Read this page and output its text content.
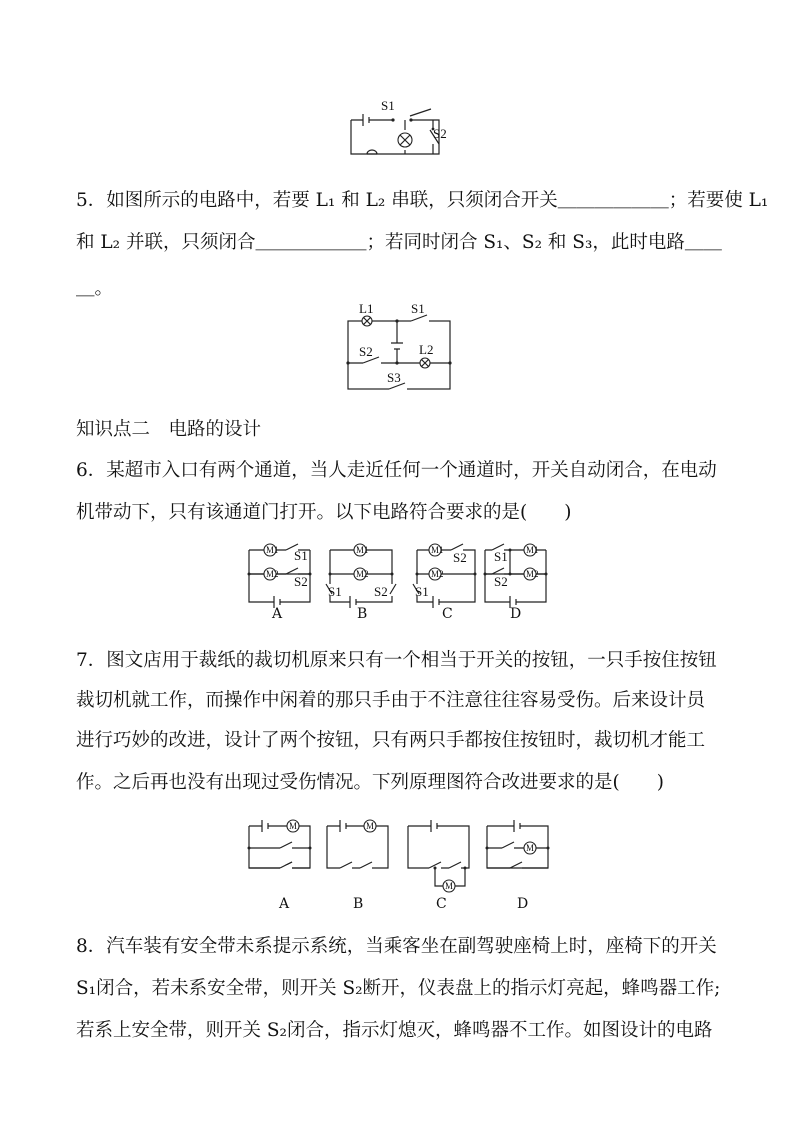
S1
S2
5．如图所示的电路中，若要 L₁ 和 L₂ 串联，只须闭合开关＿＿＿＿＿＿；若要使 L₁
和 L₂ 并联，只须闭合＿＿＿＿＿＿；若同时闭合 S₁、S₂ 和 S₃，此时电路＿＿
＿。
L1	S1
S2	L2
S3
知识点二　电路的设计
6．某超市入口有两个通道，当人走近任何一个通道时，开关自动闭合，在电动
机带动下，只有该通道门打开。以下电路符合要求的是(　　)
M1
M2
S1
S2
A
M1
M2
S1 S2
B
M1
M2
S2
S1
C
M1
M2
S1
S2
D
7．图文店用于裁纸的裁切机原来只有一个相当于开关的按钮，一只手按住按钮
裁切机就工作，而操作中闲着的那只手由于不注意往往容易受伤。后来设计员
进行巧妙的改进，设计了两个按钮，只有两只手都按住按钮时，裁切机才能工
作。之后再也没有出现过受伤情况。下列原理图符合改进要求的是(　　)
M
A
M
B
M
C
M
D
8．汽车装有安全带未系提示系统，当乘客坐在副驾驶座椅上时，座椅下的开关
S₁闭合，若未系安全带，则开关 S₂断开，仪表盘上的指示灯亮起，蜂鸣器工作;
若系上安全带，则开关 S₂闭合，指示灯熄灭，蜂鸣器不工作。如图设计的电路
